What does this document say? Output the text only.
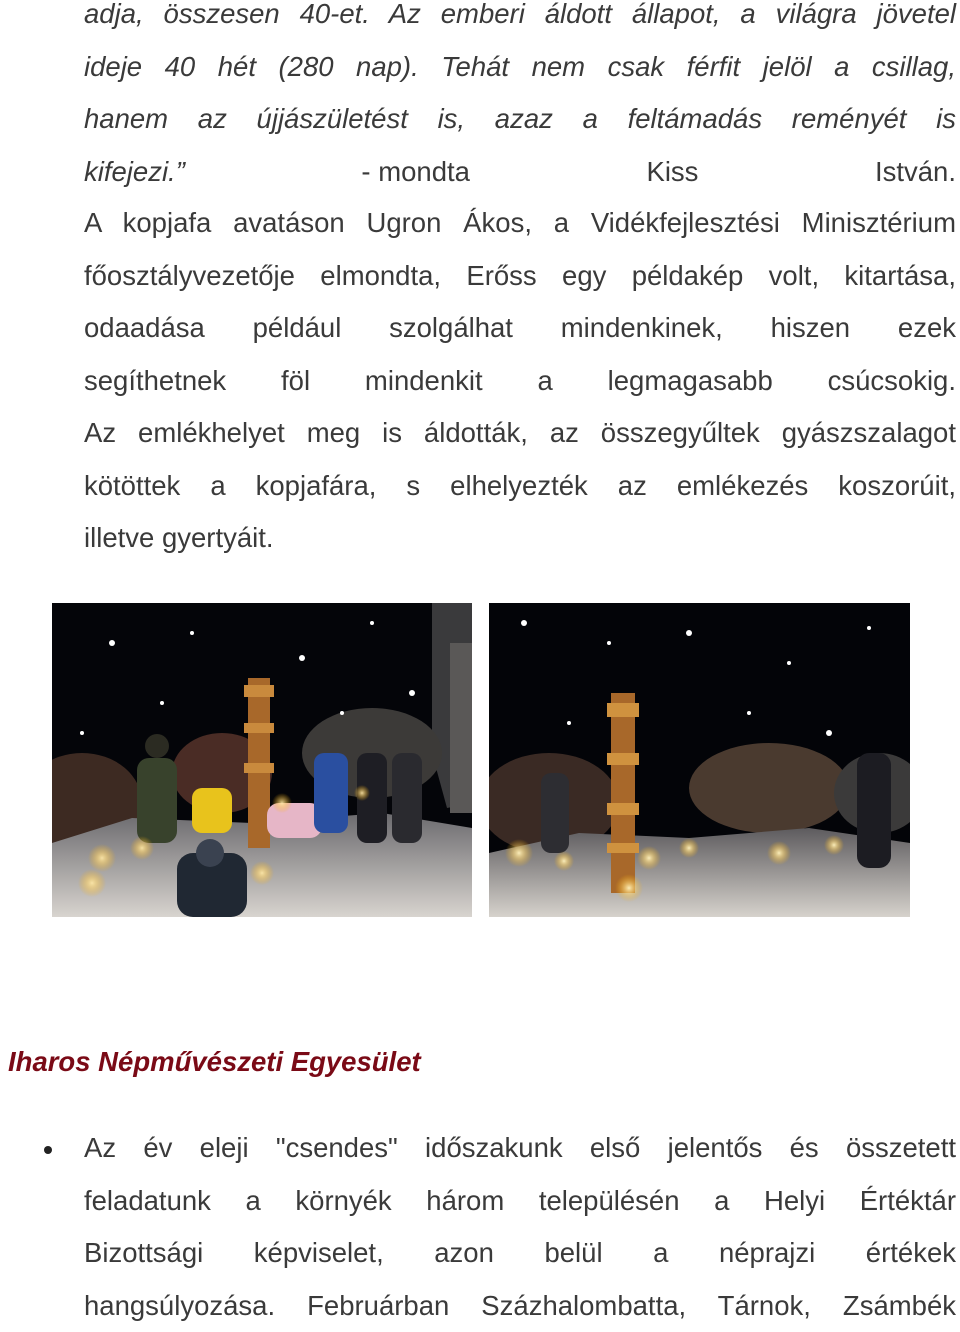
adja, összesen 40-et. Az emberi áldott állapot, a világra jövetel
ideje 40 hét (280 nap). Tehát nem csak férfit jelöl a csillag,
hanem az újjászületést is, azaz a feltámadás reményét is
kifejezi.”	- mondta	Kiss	István.
A kopjafa avatáson Ugron Ákos, a Vidékfejlesztési Minisztérium
főosztályvezetője elmondta, Erőss egy példakép volt, kitartása,
odaadása például szolgálhat mindenkinek, hiszen ezek
segíthetnek föl mindenkit a legmagasabb csúcsokig.
Az emlékhelyet meg is áldották, az összegyűltek gyászszalagot
kötöttek a kopjafára, s elhelyezték az emlékezés koszorúit,
illetve gyertyáit.
Iharos Népművészeti Egyesület
Az év eleji "csendes" időszakunk első jelentős és összetett
feladatunk a környék három településén a Helyi Értéktár
Bizottsági képviselet, azon belül a néprajzi értékek
hangsúlyozása. Februárban Százhalombatta, Tárnok, Zsámbék
